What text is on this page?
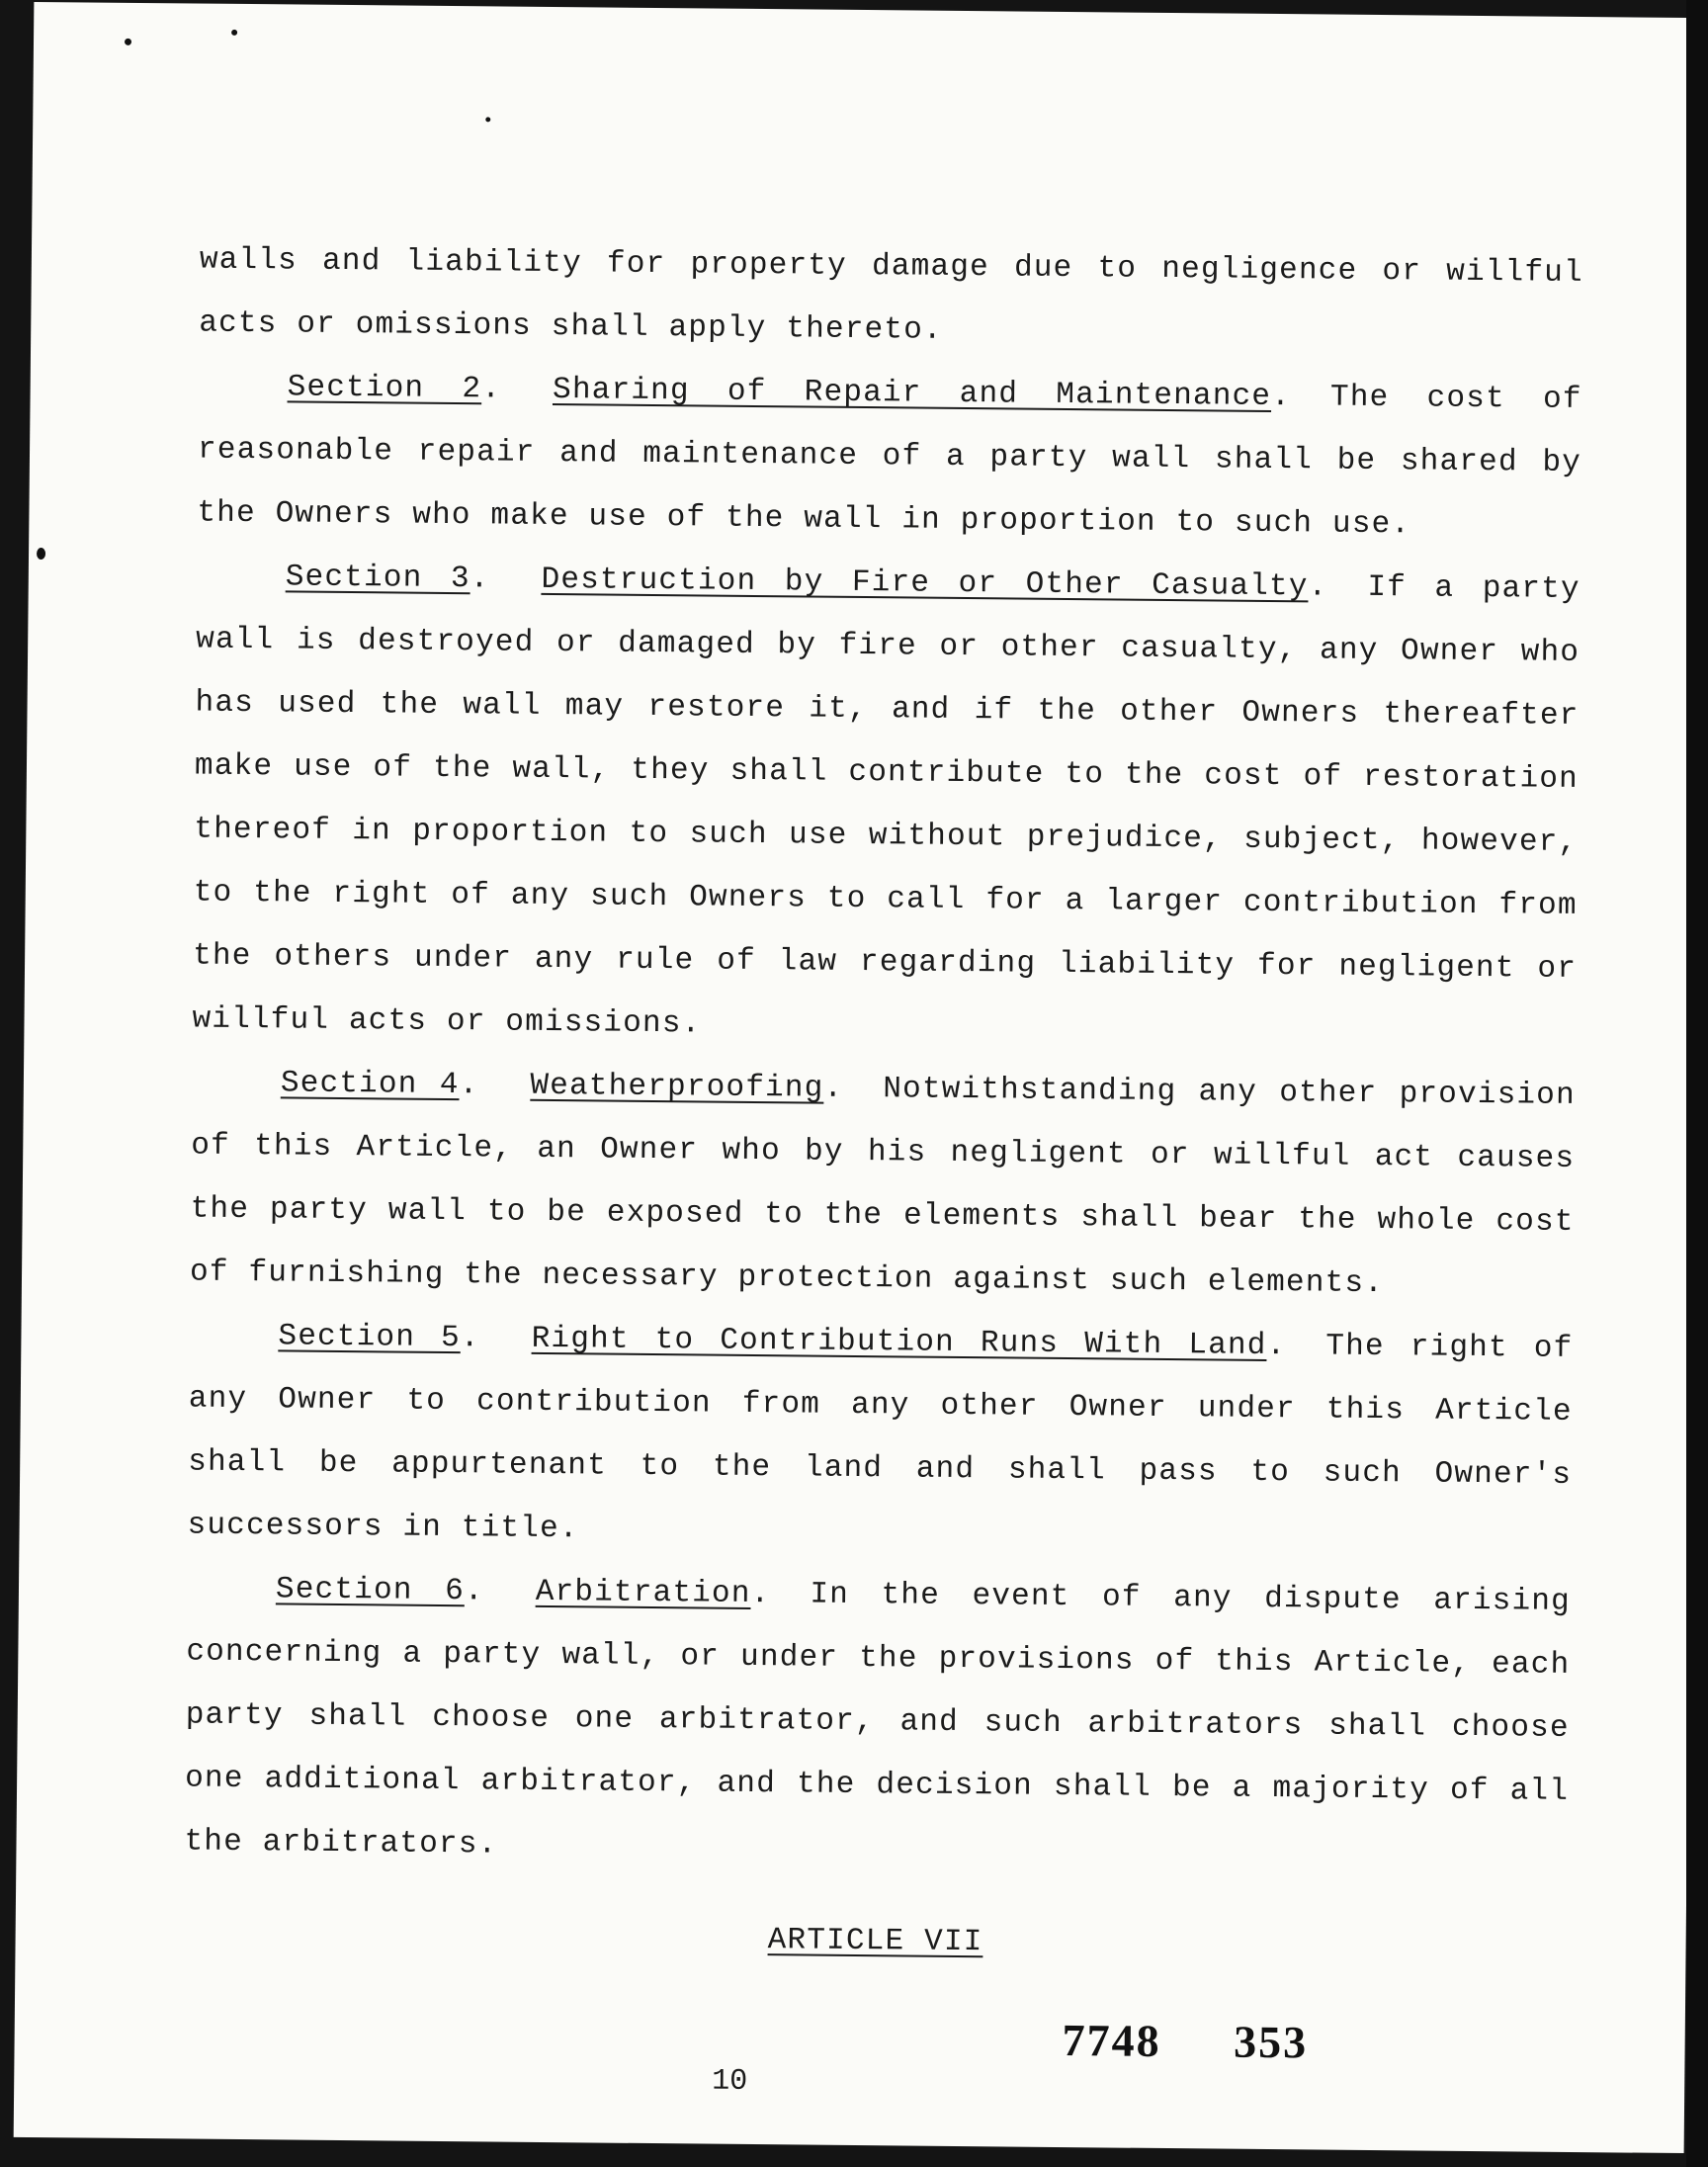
walls and liability for property damage due to negligence or willful acts or omissions shall apply thereto.

Section 2. Sharing of Repair and Maintenance. The cost of reasonable repair and maintenance of a party wall shall be shared by the Owners who make use of the wall in proportion to such use.

Section 3. Destruction by Fire or Other Casualty. If a party wall is destroyed or damaged by fire or other casualty, any Owner who has used the wall may restore it, and if the other Owners thereafter make use of the wall, they shall contribute to the cost of restoration thereof in proportion to such use without prejudice, subject, however, to the right of any such Owners to call for a larger contribution from the others under any rule of law regarding liability for negligent or willful acts or omissions.

Section 4. Weatherproofing. Notwithstanding any other provision of this Article, an Owner who by his negligent or willful act causes the party wall to be exposed to the elements shall bear the whole cost of furnishing the necessary protection against such elements.

Section 5. Right to Contribution Runs With Land. The right of any Owner to contribution from any other Owner under this Article shall be appurtenant to the land and shall pass to such Owner's successors in title.

Section 6. Arbitration. In the event of any dispute arising concerning a party wall, or under the provisions of this Article, each party shall choose one arbitrator, and such arbitrators shall choose one additional arbitrator, and the decision shall be a majority of all the arbitrators.

ARTICLE VII
7748 353
10
